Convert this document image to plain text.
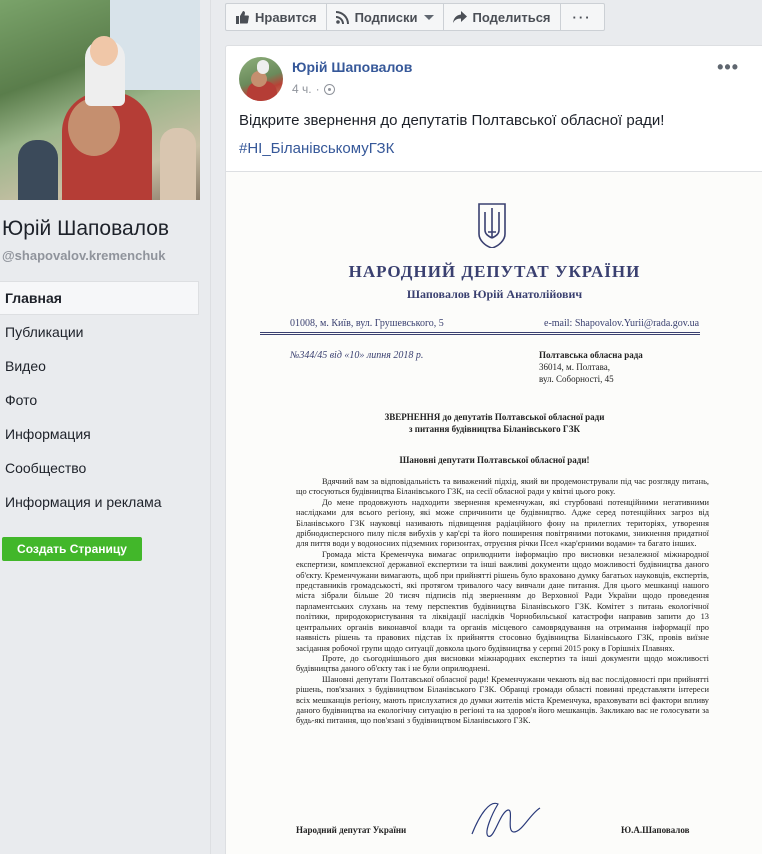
Юрій Шаповалов
@shapovalov.kremenchuk
Главная
Публикации
Видео
Фото
Информация
Сообщество
Информация и реклама
Создать Страницу
Нравится	Подписки	Поделиться	···
Юрій Шаповалов
4 ч. ·
•••
Відкрите звернення до депутатів Полтавської обласної ради!
#НІ_БіланівськомуГЗК
НАРОДНИЙ ДЕПУТАТ УКРАЇНИ
Шаповалов Юрій Анатолійович
01008, м. Київ, вул. Грушевського, 5	e-mail: Shapovalov.Yurii@rada.gov.ua
№344/45 від «10» липня 2018 р.	Полтавська обласна рада
36014, м. Полтава,
вул. Соборності, 45
ЗВЕРНЕННЯ до депутатів Полтавської обласної ради
з питання будівництва Біланівського ГЗК
Шановні депутати Полтавської обласної ради!

Вдячний вам за відповідальність та виважений підхід, який ви продемонстрували під час розгляду питань, що стосуються будівництва Біланівського ГЗК, на сесії обласної ради у квітні цього року.

До мене продовжують надходити звернення кременчужан, які стурбовані потенційними негативними наслідками для всього регіону, які може спричинити це будівництво. Адже серед потенційних загроз від Біланівського ГЗК науковці називають підвищення радіаційного фону на прилеглих територіях, утворення дрібнодисперсного пилу після вибухів у кар'єрі та його поширення повітряними потоками, зникнення придатної для пиття води у водоносних підземних горизонтах, отруєння річки Псел «кар'єрними водами» та багато інших.

Громада міста Кременчука вимагає оприлюднити інформацію про висновки незалежної міжнародної експертизи, комплексної державної експертизи та інші важливі документи щодо можливості будівництва даного об'єкту. Кременчужани вимагають, щоб при прийнятті рішень було враховано думку багатьох науковців, експертів, представників громадськості, які протягом тривалого часу вивчали дане питання. Для цього мешканці нашого міста зібрали більше 20 тисяч підписів під зверненням до Верховної Ради України щодо проведення парламентських слухань на тему перспектив будівництва Біланівського ГЗК. Комітет з питань екологічної політики, природокористування та ліквідації наслідків Чорнобильської катастрофи направив запити до 13 центральних органів виконавчої влади та органів місцевого самоврядування на отримання інформації про наявність рішень та правових підстав їх прийняття стосовно будівництва Біланівського ГЗК, провів виїзне засідання робочої групи щодо ситуації довкола цього будівництва у серпні 2015 року в Горішніх Плавнях.

Проте, до сьогоднішнього дня висновки міжнародних експертиз та інші документи щодо можливості будівництва даного об'єкту так і не були оприлюднені.

Шановні депутати Полтавської обласної ради! Кременчужани чекають від вас послідовності при прийнятті рішень, пов'язаних з будівництвом Біланівського ГЗК. Обранці громади області повинні представляти інтереси всіх мешканців регіону, мають прислухатися до думки жителів міста Кременчука, враховувати всі фактори впливу даного будівництва на екологічну ситуацію в регіоні та на здоров'я його мешканців. Закликаю вас не голосувати за будь-які питання, що пов'язані з будівництвом Біланівського ГЗК.

Народний депутат України	Ю.А.Шаповалов
